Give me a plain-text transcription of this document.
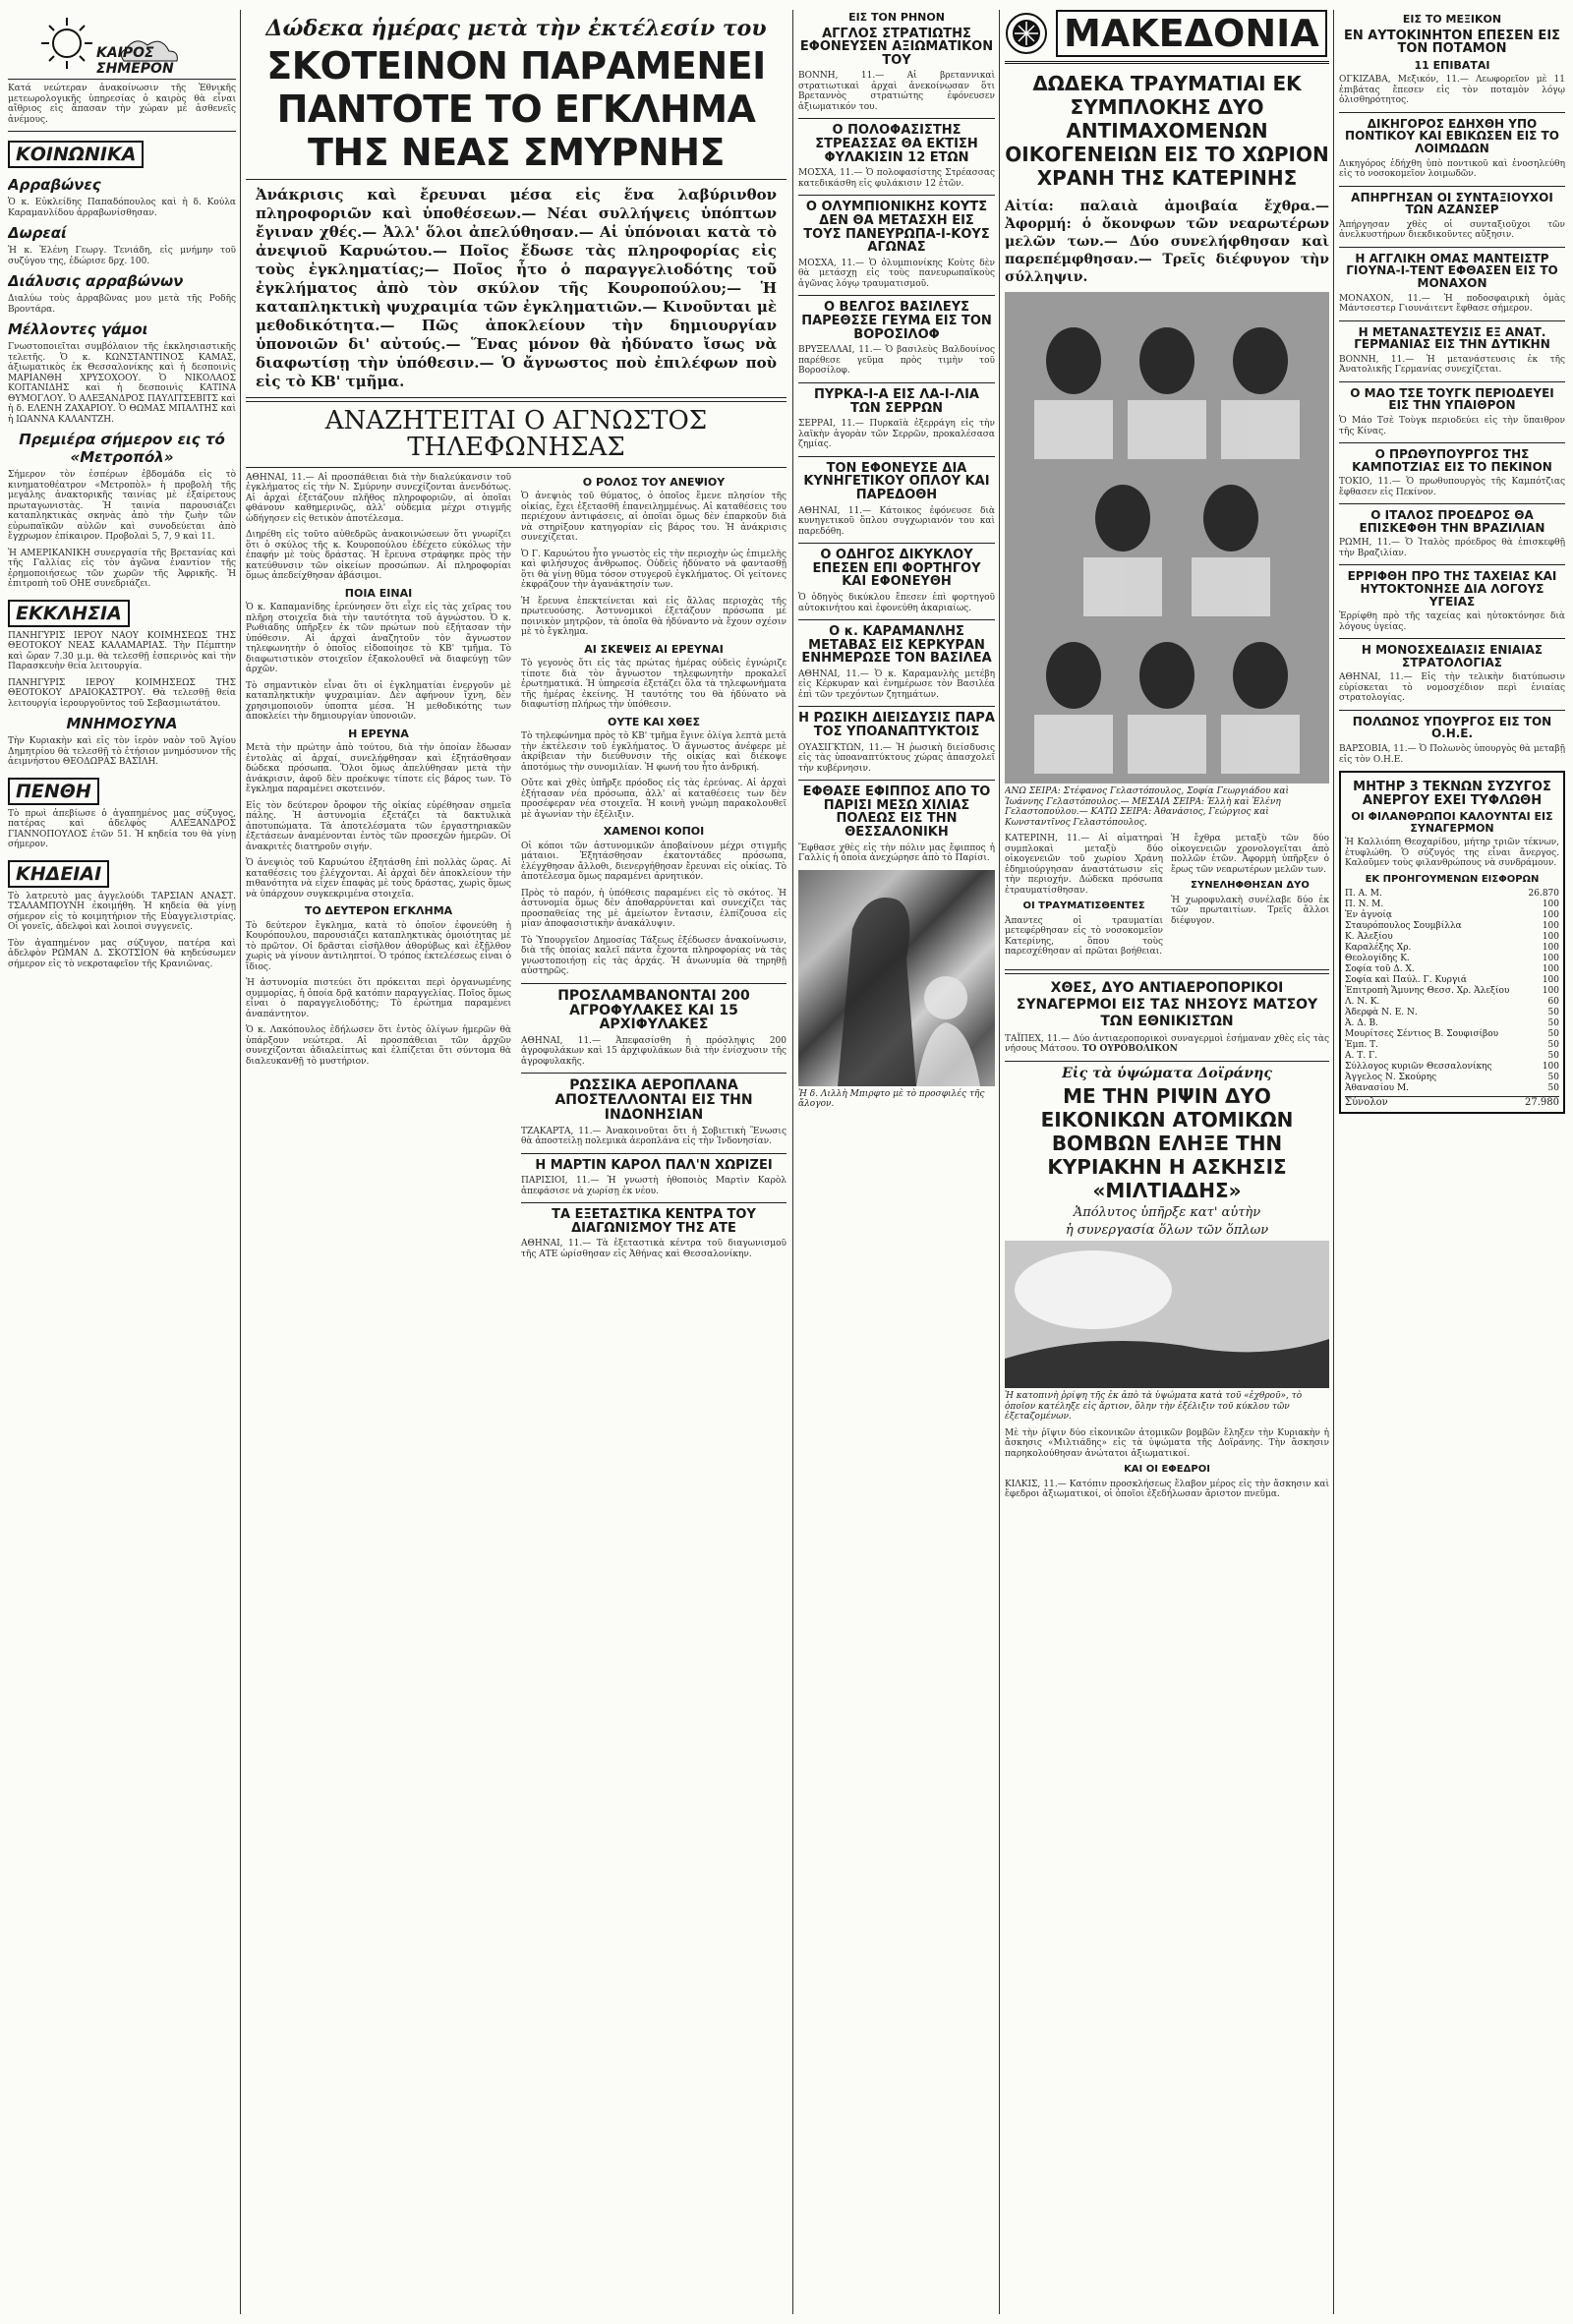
ΚΑΙΡΟΣ ΣΗΜΕΡΟΝ

Κατά νεώτεραν ἀνακοίνωσιν τῆς Ἐθνικῆς μετεωρολογικῆς ὑπηρεσίας ὁ καιρὸς θὰ εἶναι αἴθριος εἰς ἅπασαν τὴν χώραν μὲ ἀσθενεῖς ἀνέμους.

ΚΟΙΝΩΝΙΚΑ
Αρραβώνες

Ὁ κ. Εὐκλείδης Παπαδόπουλος καὶ ἡ δ. Κούλα Καραμανλίδου ἀρραβωνίσθησαν.

Δωρεαί

Ἡ κ. Ἑλένη Γεωργ. Τενιάδη, εἰς μνήμην τοῦ συζύγου της, ἐδώρισε δρχ. 100.

Διάλυσις αρραβώνων

Διαλύω τοὺς ἀρραβῶνας μου μετὰ τῆς Ροδῆς Βροντάρα.

Μέλλοντες γάμοι

Γνωστοποιεῖται συμβόλαιον τῆς ἐκκλησιαστικῆς τελετῆς. Ὁ κ. ΚΩΝΣΤΑΝΤΙΝΟΣ ΚΑΜΑΣ, ἀξιωματικὸς ἐκ Θεσσαλονίκης καὶ ἡ δεσποινὶς ΜΑΡΙΑΝΘΗ ΧΡΥΣΟΧΟΟΥ. Ὁ ΝΙΚΟΛΑΟΣ ΚΟΙΤΑΝΙΔΗΣ καὶ ἡ δεσποινὶς ΚΑΤΙΝΑ ΘΥΜΟΓΛΟΥ. Ὁ ΑΛΕΞΑΝΔΡΟΣ ΠΑΥΛΙΤΣΕΒΙΤΣ καὶ ἡ δ. ΕΛΕΝΗ ΖΑΧΑΡΙΟΥ. Ὁ ΘΩΜΑΣ ΜΠΑΛΤΗΣ καὶ ἡ ΙΩΑΝΝΑ ΚΑΛΑΝΤΖΗ.

Πρεμιέρα σήμερον εις τό «Μετροπόλ»

Σήμερον τὸν ἐσπέρων ἐβδομάδα εἰς τὸ κινηματοθέατρον «Μετροπὸλ» ἡ προβολὴ τῆς μεγάλης ἀνακτορικῆς ταινίας μὲ ἐξαίρετους πρωταγωνιστὰς. Ἡ ταινία παρουσιάζει καταπληκτικὰς σκηνὰς ἀπὸ τὴν ζωὴν τῶν εὐρωπαϊκῶν αὐλῶν καὶ συνοδεύεται ἀπὸ ἔγχρωμον ἐπίκαιρον. Προβολαὶ 5, 7, 9 καὶ 11.

Ἡ ΑΜΕΡΙΚΑΝΙΚΗ συνεργασία τῆς Βρετανίας καὶ τῆς Γαλλίας εἰς τὸν ἀγῶνα ἐναντίον τῆς ἐρημοποιήσεως τῶν χωρῶν τῆς Ἀφρικῆς. Ἡ ἐπιτροπὴ τοῦ ΟΗΕ συνεδριάζει.

ΕΚΚΛΗΣΙΑ

ΠΑΝΗΓΥΡΙΣ ΙΕΡΟΥ ΝΑΟΥ ΚΟΙΜΗΣΕΩΣ ΤΗΣ ΘΕΟΤΟΚΟΥ ΝΕΑΣ ΚΑΛΑΜΑΡΙΑΣ. Τὴν Πέμπτην καὶ ὥραν 7.30 μ.μ. θὰ τελεσθῇ ἑσπερινὸς καὶ τὴν Παρασκευὴν θεία λειτουργία.

ΠΑΝΗΓΥΡΙΣ ΙΕΡΟΥ ΚΟΙΜΗΣΕΩΣ ΤΗΣ ΘΕΟΤΟΚΟΥ ΔΡΑΙΟΚΑΣΤΡΟΥ. Θὰ τελεσθῇ θεία λειτουργία ἱερουργοῦντος τοῦ Σεβασμιωτάτου.

ΜΝΗΜΟΣΥΝΑ

Τὴν Κυριακὴν καὶ εἰς τὸν ἱερὸν ναὸν τοῦ Ἁγίου Δημητρίου θὰ τελεσθῇ τὸ ἐτήσιον μνημόσυνον τῆς ἀειμνήστου ΘΕΟΔΩΡΑΣ ΒΑΣΙΛΗ.

ΠΕΝΘΗ

Τὸ πρωὶ ἀπεβίωσε ὁ ἀγαπημένος μας σύζυγος, πατέρας καὶ ἀδελφὸς ΑΛΕΞΑΝΔΡΟΣ ΓΙΑΝΝΟΠΟΥΛΟΣ ἐτῶν 51. Ἡ κηδεία του θὰ γίνῃ σήμερον.

ΚΗΔΕΙΑΙ

Τὸ λατρευτὸ μας ἀγγελούδι ΤΑΡΣΙΑΝ ΑΝΑΣΤ. ΤΣΑΛΑΜΠΟΥΝΗ ἐκοιμήθη. Ἡ κηδεία θὰ γίνῃ σήμερον εἰς τὸ κοιμητήριον τῆς Εὐαγγελιστρίας. Οἱ γονεῖς, ἀδελφοὶ καὶ λοιποὶ συγγενεῖς.

Τὸν ἀγαπημένον μας σύζυγον, πατέρα καὶ ἀδελφὸν ΡΩΜΑΝ Δ. ΣΚΟΤΣΙΟΝ θὰ κηδεύσωμεν σήμερον εἰς τὸ νεκροταφεῖον τῆς Κρανιῶνας.

Δώδεκα ἡμέρας μετὰ τὴν ἐκτέλεσίν του
ΣΚΟΤΕΙΝΟΝ ΠΑΡΑΜΕΝΕΙ ΠΑΝΤΟΤΕ ΤΟ ΕΓΚΛΗΜΑ ΤΗΣ ΝΕΑΣ ΣΜΥΡΝΗΣ

Ἀνάκρισις καὶ ἔρευναι μέσα εἰς ἕνα λαβύρινθον πληροφοριῶν καὶ ὑποθέσεων.— Νέαι συλλήψεις ὑπόπτων ἔγιναν χθές.— Ἀλλ' ὅλοι ἀπελύθησαν.— Αἱ ὑπόνοιαι κατὰ τὸ ἀνεψιοῦ Καρυώτου.— Ποῖος ἔδωσε τὰς πληροφορίας εἰς τοὺς ἐγκληματίας;— Ποῖος ἦτο ὁ παραγγελιοδότης τοῦ ἐγκλήματος ἀπὸ τὸν σκύλον τῆς Κουροπούλου;— Ἡ καταπληκτικὴ ψυχραιμία τῶν ἐγκληματιῶν.— Κινοῦνται μὲ μεθοδικότητα.— Πῶς ἀποκλείουν τὴν δημιουργίαν ὑπονοιῶν δι' αὐτούς.— Ἕνας μόνον θὰ ἠδύνατο ἴσως νὰ διαφωτίσῃ τὴν ὑπόθεσιν.— Ὁ ἄγνωστος ποὺ ἐπιλέφων ποὺ εἰς τὸ ΚΒ' τμῆμα.

ΑΝΑΖΗΤΕΙΤΑΙ Ο ΑΓΝΩΣΤΟΣ ΤΗΛΕΦΩΝΗΣΑΣ

ΑΘΗΝΑΙ, 11.— Αἱ προσπάθειαι διὰ τὴν διαλεύκανσιν τοῦ ἐγκλήματος εἰς τὴν Ν. Σμύρνην συνεχίζονται ἀνενδότως. Αἱ ἀρχαὶ ἐξετάζουν πλῆθος πληροφοριῶν, αἱ ὁποῖαι φθάνουν καθημερινῶς, ἀλλ' οὐδεμία μέχρι στιγμῆς ὡδήγησεν εἰς θετικὸν ἀποτέλεσμα.

Διηρέθη εἰς τοῦτο αὐθεδρῶς ἀνακοινώσεων ὅτι γνωρίζει ὅτι ὁ σκύλος τῆς κ. Κουροπούλου ἐδέχετο εὐκόλως τὴν ἐπαφήν μὲ τοὺς δράστας. Ἡ ἔρευνα στράφηκε πρὸς τὴν κατεύθυνσιν τῶν οἰκείων προσώπων. Αἱ πληροφορίαι ὅμως ἀπεδείχθησαν ἀβάσιμοι.

ΠΟΙΑ ΕΙΝΑΙ

Ὁ κ. Καπαμανίδης ἐρεύνησεν ὅτι εἶχε εἰς τὰς χεῖρας του πλῆρη στοιχεῖα διὰ τὴν ταυτότητα τοῦ ἀγνώστου. Ὁ κ. Ρωθιάδης ὑπῆρξεν ἐκ τῶν πρώτων ποὺ ἐξήτασαν τὴν ὑπόθεσιν. Αἱ ἀρχαὶ ἀναζητοῦν τὸν ἄγνωστον τηλεφωνητὴν ὁ ὁποῖος εἰδοποίησε τὸ ΚΒ' τμῆμα. Τὸ διαφωτιστικὸν στοιχεῖον ἐξακολουθεῖ νὰ διαφεύγῃ τῶν ἀρχῶν.

Τὸ σημαντικὸν εἶναι ὅτι οἱ ἐγκληματίαι ἐνεργοῦν μὲ καταπληκτικὴν ψυχραιμίαν. Δὲν ἀφήνουν ἴχνη, δὲν χρησιμοποιοῦν ὑποπτα μέσα. Ἡ μεθοδικότης των ἀποκλείει τὴν δημιουργίαν ὑπονοιῶν.

Η ΕΡΕΥΝΑ

Μετὰ τὴν πρώτην ἀπὸ τούτου, διὰ τὴν ὁποίαν ἔδωσαν ἐντολὰς αἱ ἀρχαί, συνελήφθησαν καὶ ἐξητάσθησαν δώδεκα πρόσωπα. Ὅλοι ὅμως ἀπελύθησαν μετὰ τὴν ἀνάκρισιν, ἀφοῦ δὲν προέκυψε τίποτε εἰς βάρος των. Τὸ ἔγκλημα παραμένει σκοτεινόν.

Εἰς τὸν δεύτερον ὄροφον τῆς οἰκίας εὑρέθησαν σημεῖα πάλης. Ἡ ἀστυνομία ἐξετάζει τὰ δακτυλικὰ ἀποτυπώματα. Τὰ ἀποτελέσματα τῶν ἐργαστηριακῶν ἐξετάσεων ἀναμένονται ἐντὸς τῶν προσεχῶν ἡμερῶν. Οἱ ἀνακριτὲς διατηροῦν σιγήν.

Ὁ ἀνεψιὸς τοῦ Καρυώτου ἐξητάσθη ἐπὶ πολλὰς ὥρας. Αἱ καταθέσεις του ἐλέγχονται. Αἱ ἀρχαὶ δὲν ἀποκλείουν τὴν πιθανότητα νὰ εἶχεν ἐπαφὰς μὲ τοὺς δράστας, χωρὶς ὅμως νὰ ὑπάρχουν συγκεκριμένα στοιχεῖα.

ΤΟ ΔΕΥΤΕΡΟΝ ΕΓΚΛΗΜΑ

Τὸ δεύτερον ἔγκλημα, κατὰ τὸ ὁποῖον ἐφονεύθη ἡ Κουρόπουλου, παρουσιάζει καταπληκτικὰς ὁμοιότητας μὲ τὸ πρῶτον. Οἱ δρᾶσται εἰσῆλθον ἀθορύβως καὶ ἐξῆλθον χωρὶς νὰ γίνουν ἀντιληπτοί. Ὁ τρόπος ἐκτελέσεως εἶναι ὁ ἴδιος.

Ἡ ἀστυνομία πιστεύει ὅτι πρόκειται περὶ ὀργανωμένης συμμορίας, ἡ ὁποία δρᾷ κατόπιν παραγγελίας. Ποῖος ὅμως εἶναι ὁ παραγγελιοδότης; Τὸ ἐρώτημα παραμένει ἀναπάντητον.

Ὁ κ. Λακόπουλος ἐδήλωσεν ὅτι ἐντὸς ὀλίγων ἡμερῶν θὰ ὑπάρξουν νεώτερα. Αἱ προσπάθειαι τῶν ἀρχῶν συνεχίζονται ἀδιαλείπτως καὶ ἐλπίζεται ὅτι σύντομα θὰ διαλευκανθῇ τὸ μυστήριον.

Ο ΡΟΛΟΣ ΤΟΥ ΑΝΕΨΙΟΥ

Ὁ ἀνεψιὸς τοῦ θύματος, ὁ ὁποῖος ἔμενε πλησίον τῆς οἰκίας, ἔχει ἐξετασθῆ ἐπανειλημμένως. Αἱ καταθέσεις του περιέχουν ἀντιφάσεις, αἱ ὁποῖαι ὅμως δὲν ἐπαρκοῦν διὰ νὰ στηρίξουν κατηγορίαν εἰς βάρος του. Ἡ ἀνάκρισις συνεχίζεται.

Ὁ Γ. Καρυώτου ἦτο γνωστὸς εἰς τὴν περιοχὴν ὡς ἐπιμελὴς καὶ φιλήσυχος ἄνθρωπος. Οὐδεὶς ἠδύνατο νὰ φαντασθῇ ὅτι θὰ γίνῃ θῦμα τόσον στυγεροῦ ἐγκλήματος. Οἱ γείτονες ἐκφράζουν τὴν ἀγανάκτησίν των.

Ἡ ἔρευνα ἐπεκτείνεται καὶ εἰς ἄλλας περιοχὰς τῆς πρωτευούσης. Ἀστυνομικοὶ ἐξετάζουν πρόσωπα μὲ ποινικὸν μητρῷον, τὰ ὁποῖα θὰ ἠδύναντο νὰ ἔχουν σχέσιν μὲ τὸ ἔγκλημα.

ΑΙ ΣΚΕΨΕΙΣ ΑΙ ΕΡΕΥΝΑΙ

Τὸ γεγονὸς ὅτι εἰς τὰς πρώτας ἡμέρας οὐδεὶς ἐγνώριζε τίποτε διὰ τὸν ἄγνωστον τηλεφωνητὴν προκαλεῖ ἐρωτηματικά. Ἡ ὑπηρεσία ἐξετάζει ὅλα τὰ τηλεφωνήματα τῆς ἡμέρας ἐκείνης. Ἡ ταυτότης του θὰ ἠδύνατο νὰ διαφωτίσῃ πλήρως τὴν ὑπόθεσιν.

ΟΥΤΕ ΚΑΙ ΧΘΕΣ

Τὸ τηλεφώνημα πρὸς τὸ ΚΒ' τμῆμα ἔγινε ὀλίγα λεπτὰ μετὰ τὴν ἐκτέλεσιν τοῦ ἐγκλήματος. Ὁ ἄγνωστος ἀνέφερε μὲ ἀκρίβειαν τὴν διεύθυνσιν τῆς οἰκίας καὶ διέκοψε ἀποτόμως τὴν συνομιλίαν. Ἡ φωνή του ἦτο ἀνδρική.

Οὔτε καὶ χθὲς ὑπῆρξε πρόοδος εἰς τὰς ἐρεύνας. Αἱ ἀρχαὶ ἐξήτασαν νέα πρόσωπα, ἀλλ' αἱ καταθέσεις των δὲν προσέφεραν νέα στοιχεῖα. Ἡ κοινὴ γνώμη παρακολουθεῖ μὲ ἀγωνίαν τὴν ἐξέλιξιν.

ΧΑΜΕΝΟΙ ΚΟΠΟΙ

Οἱ κόποι τῶν ἀστυνομικῶν ἀποβαίνουν μέχρι στιγμῆς μάταιοι. Ἐξητάσθησαν ἑκατοντάδες πρόσωπα, ἐλέγχθησαν ἄλλοθι, διενεργήθησαν ἔρευναι εἰς οἰκίας. Τὸ ἀποτέλεσμα ὅμως παραμένει ἀρνητικόν.

Πρὸς τὸ παρόν, ἡ ὑπόθεσις παραμένει εἰς τὸ σκότος. Ἡ ἀστυνομία ὅμως δὲν ἀποθαρρύνεται καὶ συνεχίζει τὰς προσπαθείας της μὲ ἀμείωτον ἔντασιν, ἐλπίζουσα εἰς μίαν ἀποφασιστικὴν ἀνακάλυψιν.

Τὸ Ὑπουργεῖον Δημοσίας Τάξεως ἐξέδωσεν ἀνακοίνωσιν, διὰ τῆς ὁποίας καλεῖ πάντα ἔχοντα πληροφορίας νὰ τὰς γνωστοποιήσῃ εἰς τὰς ἀρχάς. Ἡ ἀνωνυμία θὰ τηρηθῇ αὐστηρῶς.

ΠΡΟΣΛΑΜΒΑΝΟΝΤΑΙ 200 ΑΓΡΟΦΥΛΑΚΕΣ ΚΑΙ 15 ΑΡΧΙΦΥΛΑΚΕΣ

ΑΘΗΝΑΙ, 11.— Ἀπεφασίσθη ἡ πρόσληψις 200 ἀγροφυλάκων καὶ 15 ἀρχιφυλάκων διὰ τὴν ἐνίσχυσιν τῆς ἀγροφυλακῆς.

ΡΩΣΣΙΚΑ ΑΕΡΟΠΛΑΝΑ ΑΠΟΣΤΕΛΛΟΝΤΑΙ ΕΙΣ ΤΗΝ ΙΝΔΟΝΗΣΙΑΝ

ΤΖΑΚΑΡΤΑ, 11.— Ἀνακοινοῦται ὅτι ἡ Σοβιετικὴ Ἕνωσις θὰ ἀποστείλῃ πολεμικὰ ἀεροπλάνα εἰς τὴν Ἰνδονησίαν.

Η ΜΑΡΤΙΝ ΚΑΡΟΛ ΠΑΛ'Ν ΧΩΡΙΖΕΙ

ΠΑΡΙΣΙΟΙ, 11.— Ἡ γνωστὴ ἠθοποιὸς Μαρτὶν Καρὸλ ἀπεφάσισε νὰ χωρίσῃ ἐκ νέου.

ΤΑ ΕΞΕΤΑΣΤΙΚΑ ΚΕΝΤΡΑ ΤΟΥ ΔΙΑΓΩΝΙΣΜΟΥ ΤΗΣ ΑΤΕ

ΑΘΗΝΑΙ, 11.— Τὰ ἐξεταστικὰ κέντρα τοῦ διαγωνισμοῦ τῆς ΑΤΕ ὡρίσθησαν εἰς Ἀθήνας καὶ Θεσσαλονίκην.

ΕΙΣ ΤΟΝ ΡΗΝΟΝ
ΑΓΓΛΟΣ ΣΤΡΑΤΙΩΤΗΣ ΕΦΟΝΕΥΣΕΝ ΑΞΙΩΜΑΤΙΚΟΝ ΤΟΥ

ΒΟΝΝΗ, 11.— Αἱ βρεταννικαὶ στρατιωτικαὶ ἀρχαὶ ἀνεκοίνωσαν ὅτι Βρεταννὸς στρατιώτης ἐφόνευσεν ἀξιωματικόν του.

Ο ΠΟΛΟΦΑΣΙΣΤΗΣ ΣΤΡΕΑΣΣΑΣ ΘΑ ΕΚΤΙΣΗ ΦΥΛΑΚΙΣΙΝ 12 ΕΤΩΝ

ΜΟΣΧΑ, 11.— Ὁ πολοφασίστης Στρέασσας κατεδικάσθη εἰς φυλάκισιν 12 ἐτῶν.

Ο ΟΛΥΜΠΙΟΝΙΚΗΣ ΚΟΥΤΣ ΔΕΝ ΘΑ ΜΕΤΑΣΧΗ ΕΙΣ ΤΟΥΣ ΠΑΝΕΥΡΩΠΑ-Ι-ΚΟΥΣ ΑΓΩΝΑΣ

ΜΟΣΧΑ, 11.— Ὁ ὀλυμπιονίκης Κοὺτς δὲν θὰ μετάσχῃ εἰς τοὺς πανευρωπαϊκοὺς ἀγῶνας λόγῳ τραυματισμοῦ.

Ο ΒΕΛΓΟΣ ΒΑΣΙΛΕΥΣ ΠΑΡΕΘΣΣΕ ΓΕΥΜΑ ΕΙΣ ΤΟΝ ΒΟΡΟΣΙΛΟΦ

ΒΡΥΞΕΛΛΑΙ, 11.— Ὁ βασιλεὺς Βαλδουίνος παρέθεσε γεῦμα πρὸς τιμὴν τοῦ Βοροσίλοφ.

ΠΥΡΚΑ-Ι-Α ΕΙΣ ΛΑ-Ι-ΛΙΑ ΤΩΝ ΣΕΡΡΩΝ

ΣΕΡΡΑΙ, 11.— Πυρκαϊὰ ἐξερράγη εἰς τὴν λαϊκὴν ἀγορὰν τῶν Σερρῶν, προκαλέσασα ζημίας.

ΤΟΝ ΕΦΟΝΕΥΣΕ ΔΙΑ ΚΥΝΗΓΕΤΙΚΟΥ ΟΠΛΟΥ ΚΑΙ ΠΑΡΕΔΟΘΗ

ΑΘΗΝΑΙ, 11.— Κάτοικος ἐφόνευσε διὰ κυνηγετικοῦ ὅπλου συγχωριανόν του καὶ παρεδόθη.

Ο ΟΔΗΓΟΣ ΔΙΚΥΚΛΟΥ ΕΠΕΣΕΝ ΕΠΙ ΦΟΡΤΗΓΟΥ ΚΑΙ ΕΦΟΝΕΥΘΗ

Ὁ ὁδηγὸς δικύκλου ἔπεσεν ἐπὶ φορτηγοῦ αὐτοκινήτου καὶ ἐφονεύθη ἀκαριαίως.

Ο κ. ΚΑΡΑΜΑΝΛΗΣ ΜΕΤΑΒΑΣ ΕΙΣ ΚΕΡΚΥΡΑΝ ΕΝΗΜΕΡΩΣΕ ΤΟΝ ΒΑΣΙΛΕΑ

ΑΘΗΝΑΙ, 11.— Ὁ κ. Καραμανλὴς μετέβη εἰς Κέρκυραν καὶ ἐνημέρωσε τὸν Βασιλέα ἐπὶ τῶν τρεχόντων ζητημάτων.

Η ΡΩΣΙΚΗ ΔΙΕΙΣΔΥΣΙΣ ΠΑΡΑ ΤΟΣ ΥΠΟΑΝΑΠΤΥΚΤΟΙΣ

ΟΥΑΣΙΓΚΤΩΝ, 11.— Ἡ ῥωσικὴ διείσδυσις εἰς τὰς ὑποαναπτύκτους χώρας ἀπασχολεῖ τὴν κυβέρνησιν.

ΕΦΘΑΣΕ ΕΦΙΠΠΟΣ ΑΠΟ ΤΟ ΠΑΡΙΣΙ ΜΕΣΩ ΧΙΛΙΑΣ ΠΟΛΕΩΣ ΕΙΣ ΤΗΝ ΘΕΣΣΑΛΟΝΙΚΗ

Ἔφθασε χθὲς εἰς τὴν πόλιν μας ἔφιππος ἡ Γαλλίς ἡ ὁποία ἀνεχώρησε ἀπὸ τὸ Παρίσι.

Ἡ δ. Λιλλὴ Μπιρφτο μὲ τὸ προσφιλές τῆς ἄλογον.

ΜΑΚΕΔΟΝΙΑ
ΔΩΔΕΚΑ ΤΡΑΥΜΑΤΙΑΙ ΕΚ ΣΥΜΠΛΟΚΗΣ ΔΥΟ ΑΝΤΙΜΑΧΟΜΕΝΩΝ ΟΙΚΟΓΕΝΕΙΩΝ ΕΙΣ ΤΟ ΧΩΡΙΟΝ ΧΡΑΝΗ ΤΗΣ ΚΑΤΕΡΙΝΗΣ

Αἰτία: παλαιὰ ἀμοιβαία ἔχθρα.— Ἀφορμή: ὁ ὄκονφων τῶν νεαρωτέρων μελῶν των.— Δύο συνελήφθησαν καὶ παρεπέμφθησαν.— Τρεῖς διέφυγον τὴν σύλληψιν.

ΑΝΩ ΣΕΙΡΑ: Στέφανος Γελαστόπουλος, Σοφία Γεωργιάδου καὶ Ἰωάννης Γελαστόπουλος.— ΜΕΣΑΙΑ ΣΕΙΡΑ: Ἐλλὴ καὶ Ἐλένη Γελαστοπούλου.— ΚΑΤΩ ΣΕΙΡΑ: Ἀθανάσιος, Γεώργιος καὶ Κωνσταντῖνος Γελαστόπουλος.

ΚΑΤΕΡΙΝΗ, 11.— Αἱ αἰματηραὶ συμπλοκαὶ μεταξὺ δύο οἰκογενειῶν τοῦ χωρίου Χράνη ἐδημιούργησαν ἀναστάτωσιν εἰς τὴν περιοχήν. Δώδεκα πρόσωπα ἐτραυματίσθησαν.

ΟΙ ΤΡΑΥΜΑΤΙΣΘΕΝΤΕΣ

Ἀπαντες οἱ τραυματίαι μετεφέρθησαν εἰς τὸ νοσοκομεῖον Κατερίνης, ὅπου τοὺς παρεσχέθησαν αἱ πρῶται βοήθειαι.

Ἡ ἔχθρα μεταξὺ τῶν δύο οἰκογενειῶν χρονολογεῖται ἀπὸ πολλῶν ἐτῶν. Ἀφορμὴ ὑπῆρξεν ὁ ἔρως τῶν νεαρωτέρων μελῶν των.

ΣΥΝΕΛΗΦΘΗΣΑΝ ΔΥΟ

Ἡ χωροφυλακὴ συνέλαβε δύο ἐκ τῶν πρωταιτίων. Τρεῖς ἄλλοι διέφυγον.

ΧΘΕΣ, ΔΥΟ ΑΝΤΙΑΕΡΟΠΟΡΙΚΟΙ ΣΥΝΑΓΕΡΜΟΙ ΕΙΣ ΤΑΣ ΝΗΣΟΥΣ ΜΑΤΣΟΥ ΤΩΝ ΕΘΝΙΚΙΣΤΩΝ

ΤΑΪΠΕΧ, 11.— Δύο ἀντιαεροπορικοὶ συναγερμοὶ ἐσήμαναν χθὲς εἰς τὰς νήσους Μάτσου. ΤΟ ΟΥΡΟΒΟΛΙΚΟΝ

Εἰς τὰ ὑψώματα Δοϊράνης
ΜΕ ΤΗΝ ΡΙΨΙΝ ΔΥΟ ΕΙΚΟΝΙΚΩΝ ΑΤΟΜΙΚΩΝ ΒΟΜΒΩΝ ΕΛΗΞΕ ΤΗΝ ΚΥΡΙΑΚΗΝ Η ΑΣΚΗΣΙΣ «ΜΙΛΤΙΑΔΗΣ»
Ἀπόλυτος ὑπῆρξε κατ' αὐτὴν
ἡ συνεργασία ὅλων τῶν ὅπλων

Ἡ κατοπινὴ ῥρίψη τῆς ἐκ ἀπὸ τὰ ὑψώματα κατὰ τοῦ «ἐχθροῦ», τὸ ὁποῖον κατέληξε εἰς ἄρτιον, ὅλην τὴν ἐξέλιξιν τοῦ κύκλου τῶν ἐξεταζομένων.

Μὲ τὴν ῥῖψιν δύο εἰκονικῶν ἀτομικῶν βομβῶν ἔληξεν τὴν Κυριακὴν ἡ ἄσκησις «Μιλτιάδης» εἰς τὰ ὑψώματα τῆς Δοϊράνης. Τὴν ἄσκησιν παρηκολούθησαν ἀνώτατοι ἀξιωματικοί.

ΚΑΙ ΟΙ ΕΦΕΔΡΟΙ

ΚΙΛΚΙΣ, 11.— Κατόπιν προσκλήσεως ἔλαβον μέρος εἰς τὴν ἄσκησιν καὶ ἔφεδροι ἀξιωματικοί, οἱ ὁποῖοι ἐξεδήλωσαν ἄριστον πνεῦμα.

ΕΙΣ ΤΟ ΜΕΞΙΚΟΝ
ΕΝ ΑΥΤΟΚΙΝΗΤΟΝ ΕΠΕΣΕΝ ΕΙΣ ΤΟΝ ΠΟΤΑΜΟΝ
11 ΕΠΙΒΑΤΑΙ

ΟΓΚΙΖΑΒΑ, Μεξικόν, 11.— Λεωφορεῖον μὲ 11 ἐπιβάτας ἔπεσεν εἰς τὸν ποταμὸν λόγῳ ὀλισθηρότητος.

ΔΙΚΗΓΟΡΟΣ ΕΔΗΧΘΗ ΥΠΟ ΠΟΝΤΙΚΟΥ ΚΑΙ ΕΒΙΚΩΣΕΝ ΕΙΣ ΤΟ ΛΟΙΜΩΔΩΝ

Δικηγόρος ἐδήχθη ὑπὸ ποντικοῦ καὶ ἐνοσηλεύθη εἰς τὸ νοσοκομεῖον λοιμωδῶν.

ΑΠΗΡΓΗΣΑΝ ΟΙ ΣΥΝΤΑΞΙΟΥΧΟΙ ΤΩΝ ΑΖΑΝΣΕΡ

Ἀπήργησαν χθὲς οἱ συνταξιοῦχοι τῶν ἀνελκυστήρων διεκδικοῦντες αὔξησιν.

Η ΑΓΓΛΙΚΗ ΟΜΑΣ ΜΑΝΤΕΙΣΤΡ ΓΙΟΥΝΑ-Ι-ΤΕΝΤ ΕΦΘΑΣΕΝ ΕΙΣ ΤΟ ΜΟΝΑΧΟΝ

ΜΟΝΑΧΟΝ, 11.— Ἡ ποδοσφαιρικὴ ὁμὰς Μάντσεστερ Γιουνάιτεντ ἔφθασε σήμερον.

Η ΜΕΤΑΝΑΣΤΕΥΣΙΣ ΕΞ ΑΝΑΤ. ΓΕΡΜΑΝΙΑΣ ΕΙΣ ΤΗΝ ΔΥΤΙΚΗΝ

ΒΟΝΝΗ, 11.— Ἡ μετανάστευσις ἐκ τῆς Ἀνατολικῆς Γερμανίας συνεχίζεται.

Ο ΜΑΟ ΤΣΕ ΤΟΥΓΚ ΠΕΡΙΟΔΕΥΕΙ ΕΙΣ ΤΗΝ ΥΠΑΙΘΡΟΝ

Ὁ Μάο Τσὲ Τοὺγκ περιοδεύει εἰς τὴν ὕπαιθρον τῆς Κίνας.

Ο ΠΡΩΘΥΠΟΥΡΓΟΣ ΤΗΣ ΚΑΜΠΟΤΖΙΑΣ ΕΙΣ ΤΟ ΠΕΚΙΝΟΝ

ΤΟΚΙΟ, 11.— Ὁ πρωθυπουργὸς τῆς Καμπότζιας ἔφθασεν εἰς Πεκίνον.

Ο ΙΤΑΛΟΣ ΠΡΟΕΔΡΟΣ ΘΑ ΕΠΙΣΚΕΦΘΗ ΤΗΝ ΒΡΑΖΙΛΙΑΝ

ΡΩΜΗ, 11.— Ὁ Ἰταλὸς πρόεδρος θὰ ἐπισκεφθῇ τὴν Βραζιλίαν.

ΕΡΡΙΦΘΗ ΠΡΟ ΤΗΣ ΤΑΧΕΙΑΣ ΚΑΙ ΗΥΤΟΚΤΟΝΗΣΕ ΔΙΑ ΛΟΓΟΥΣ ΥΓΕΙΑΣ

Ἐρρίφθη πρὸ τῆς ταχείας καὶ ηὐτοκτόνησε διὰ λόγους ὑγείας.

Η ΜΟΝΟΣΧΕΔΙΑΣΙΣ ΕΝΙΑΙΑΣ ΣΤΡΑΤΟΛΟΓΙΑΣ

ΑΘΗΝΑΙ, 11.— Εἰς τὴν τελικὴν διατύπωσιν εὑρίσκεται τὸ νομοσχέδιον περὶ ἑνιαίας στρατολογίας.

ΠΟΛΩΝΟΣ ΥΠΟΥΡΓΟΣ ΕΙΣ ΤΟΝ Ο.Η.Ε.

ΒΑΡΣΟΒΙΑ, 11.— Ὁ Πολωνὸς ὑπουργὸς θὰ μεταβῇ εἰς τὸν Ο.Η.Ε.

ΜΗΤΗΡ 3 ΤΕΚΝΩΝ ΣΥΖΥΓΟΣ ΑΝΕΡΓΟΥ ΕΧΕΙ ΤΥΦΛΩΘΗ
ΟΙ ΦΙΛΑΝΘΡΩΠΟΙ ΚΑΛΟΥΝΤΑΙ ΕΙΣ ΣΥΝΑΓΕΡΜΟΝ

Ἡ Καλλιόπη Θεοχαρίδου, μήτηρ τριῶν τέκνων, ἐτυφλώθη. Ὁ σύζυγός της εἶναι ἄνεργος. Καλοῦμεν τοὺς φιλανθρώπους νὰ συνδράμουν.

ΕΚ ΠΡΟΗΓΟΥΜΕΝΩΝ ΕΙΣΦΟΡΩΝ
Π. Α. Μ.	26.870
Π. Ν. Μ.	100
Ἐν ἀγνοίᾳ	100
Σταυρόπουλος Σουμβίλλα	100
Κ. Ἀλεξίου	100
Καραλέξης Χρ.	100
Θεολογίδης Κ.	100
Σοφία τοῦ Δ. Χ.	100
Σοφία καὶ Παύλ. Γ. Κυργιά	100
Ἐπιτροπὴ Ἄμυνης Θεσσ. Χρ. Ἀλεξίου	100
Λ. Ν. Κ.	60
Ἀδερφὰ Ν. Ε. Ν.	50
Ἀ. Δ. Β.	50
Μουρίτσες Σέντιος Β. Σουφισίβου	50
Ἐμπ. Τ.	50
Α. Τ. Γ.	50
Σύλλογος κυριῶν Θεσσαλονίκης	100
Ἀγγελος Ν. Σκούρης	50
Ἀθανασίου Μ.	50
Σύνολον	27.980
